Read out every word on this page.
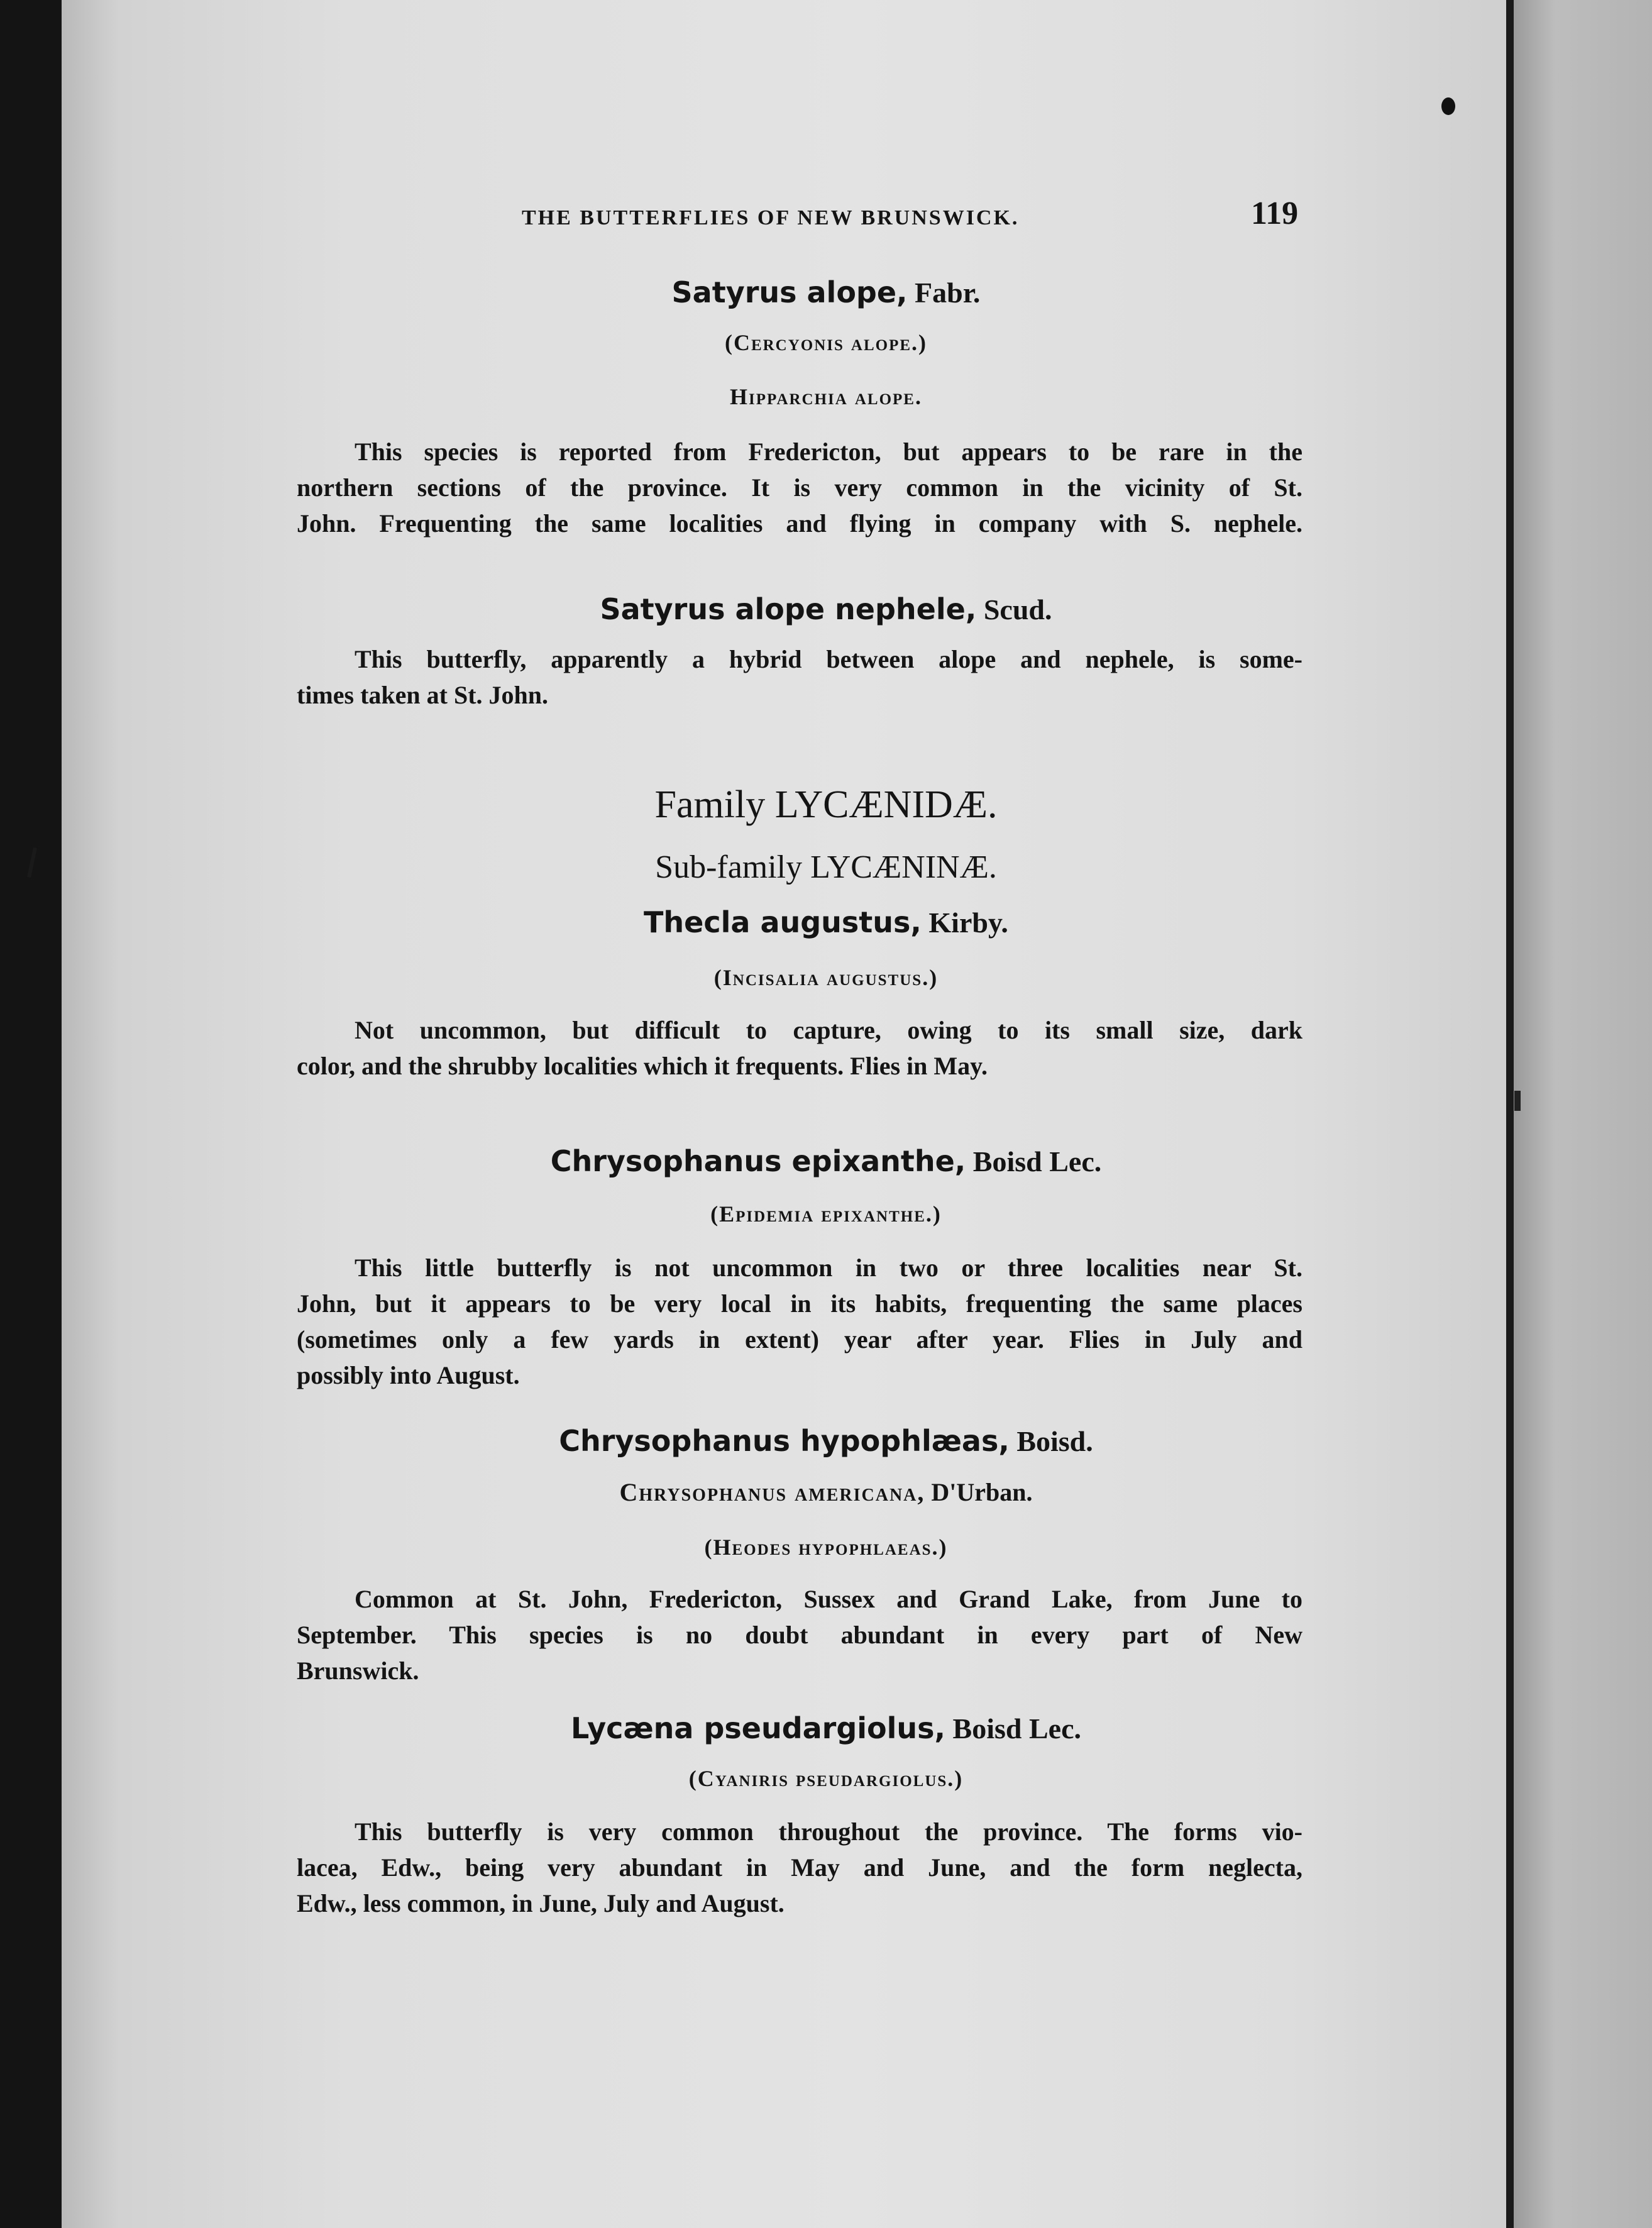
THE BUTTERFLIES OF NEW BRUNSWICK.	119
Satyrus alope, Fabr.
(Cercyonis alope.)
Hipparchia alope.
This species is reported from Fredericton, but appears to be rare in the
northern sections of the province. It is very common in the vicinity of St.
John. Frequenting the same localities and flying in company with S. nephele.
Satyrus alope nephele, Scud.
This butterfly, apparently a hybrid between alope and nephele, is some-
times taken at St. John.
Family LYCÆNIDÆ.
Sub-family LYCÆNINÆ.
Thecla augustus, Kirby.
(Incisalia augustus.)
Not uncommon, but difficult to capture, owing to its small size, dark
color, and the shrubby localities which it frequents. Flies in May.
Chrysophanus epixanthe, Boisd Lec.
(Epidemia epixanthe.)
This little butterfly is not uncommon in two or three localities near St.
John, but it appears to be very local in its habits, frequenting the same places
(sometimes only a few yards in extent) year after year. Flies in July and
possibly into August.
Chrysophanus hypophlæas, Boisd.
Chrysophanus americana, D'Urban.
(Heodes hypophlaeas.)
Common at St. John, Fredericton, Sussex and Grand Lake, from June to
September. This species is no doubt abundant in every part of New
Brunswick.
Lycæna pseudargiolus, Boisd Lec.
(Cyaniris pseudargiolus.)
This butterfly is very common throughout the province. The forms vio-
lacea, Edw., being very abundant in May and June, and the form neglecta,
Edw., less common, in June, July and August.
